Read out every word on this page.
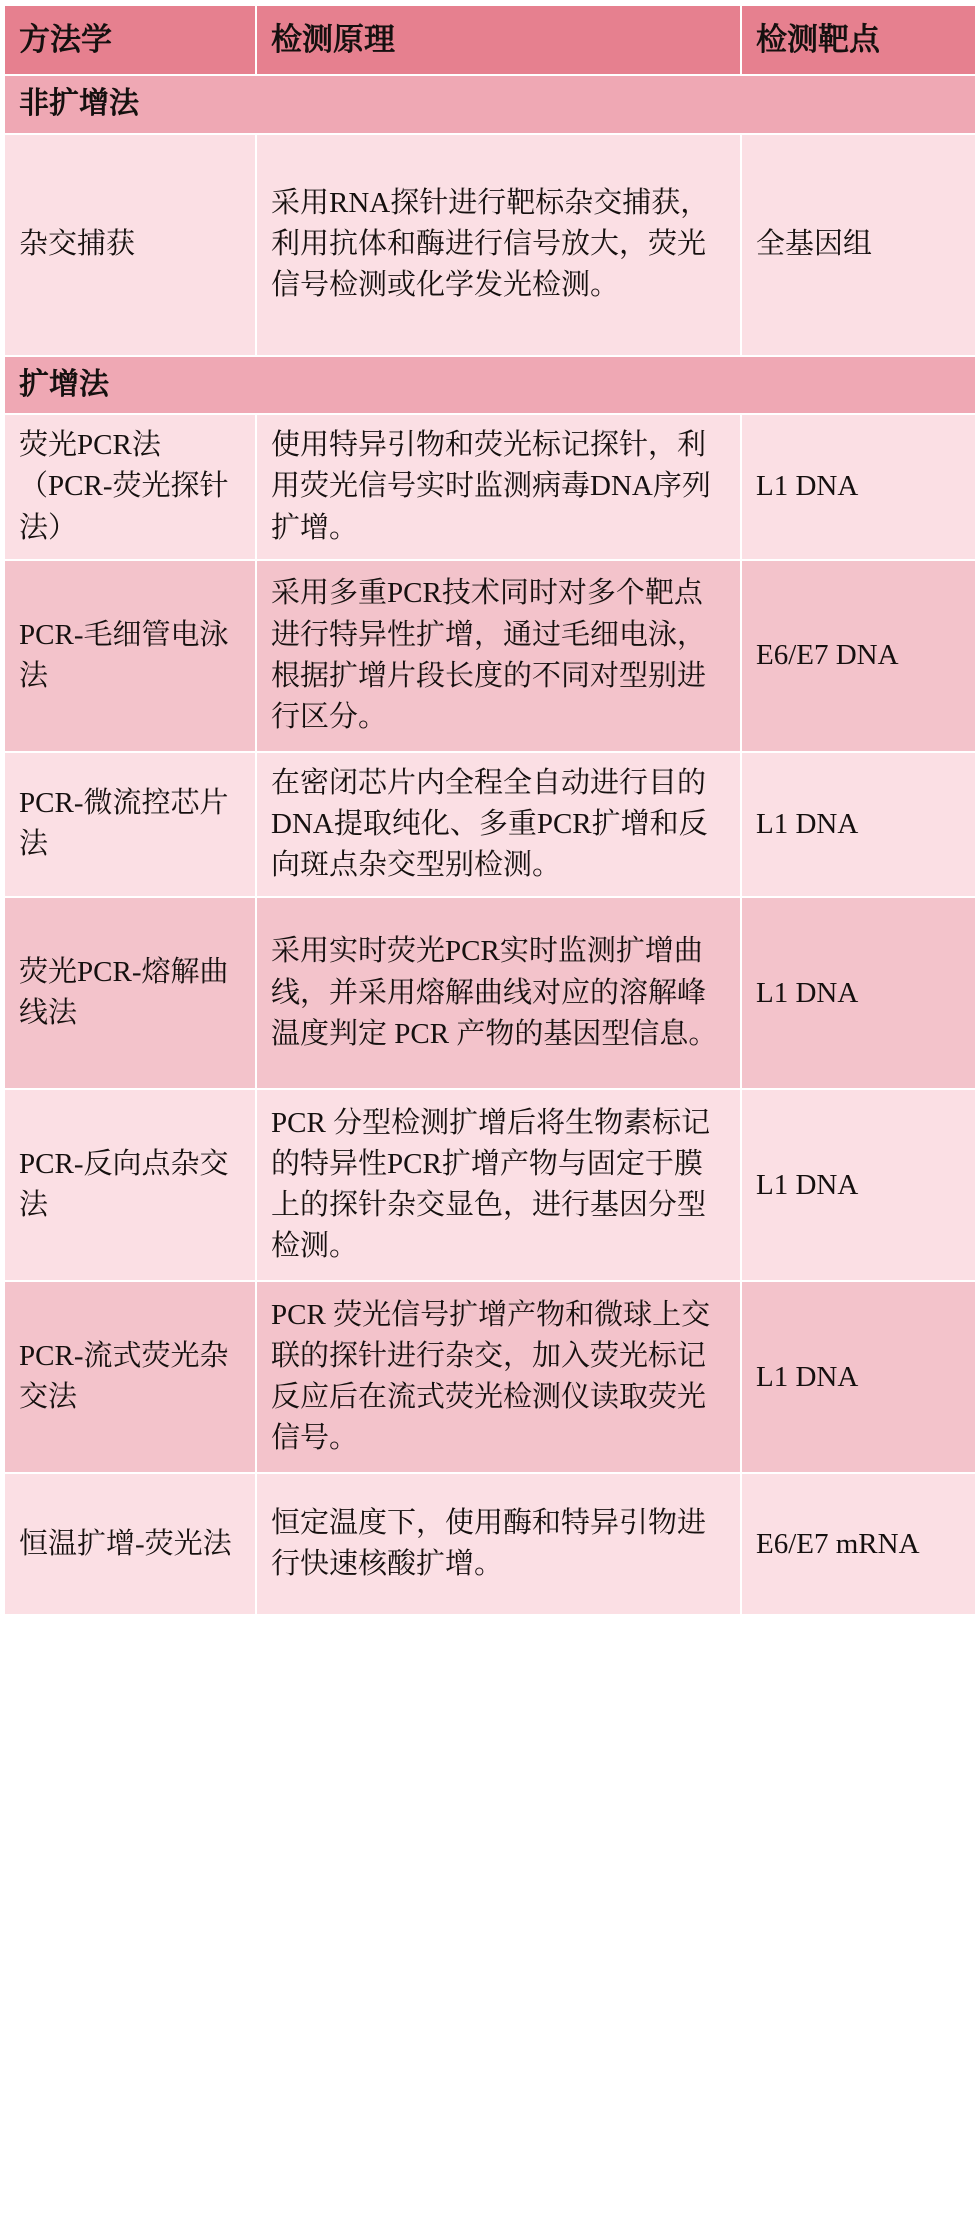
方法学	检测原理	检测靶点
非扩增法		
杂交捕获	采用RNA探针进行靶标杂交捕获，利用抗体和酶进行信号放大，荧光信号检测或化学发光检测。	全基因组
扩增法		
荧光PCR法（PCR-荧光探针法）	使用特异引物和荧光标记探针，利用荧光信号实时监测病毒DNA序列扩增。	L1 DNA
PCR-毛细管电泳法	采用多重PCR技术同时对多个靶点进行特异性扩增，通过毛细电泳，根据扩增片段长度的不同对型别进行区分。	E6/E7 DNA
PCR-微流控芯片法	在密闭芯片内全程全自动进行目的DNA提取纯化、多重PCR扩增和反向斑点杂交型别检测。	L1 DNA
荧光PCR-熔解曲线法	采用实时荧光PCR实时监测扩增曲线，并采用熔解曲线对应的溶解峰温度判定 PCR 产物的基因型信息。	L1 DNA
PCR-反向点杂交法	PCR 分型检测扩增后将生物素标记的特异性PCR扩增产物与固定于膜上的探针杂交显色，进行基因分型检测。	L1 DNA
PCR-流式荧光杂交法	PCR 荧光信号扩增产物和微球上交联的探针进行杂交，加入荧光标记反应后在流式荧光检测仪读取荧光信号。	L1 DNA
恒温扩增-荧光法	恒定温度下，使用酶和特异引物进行快速核酸扩增。	E6/E7 mRNA
